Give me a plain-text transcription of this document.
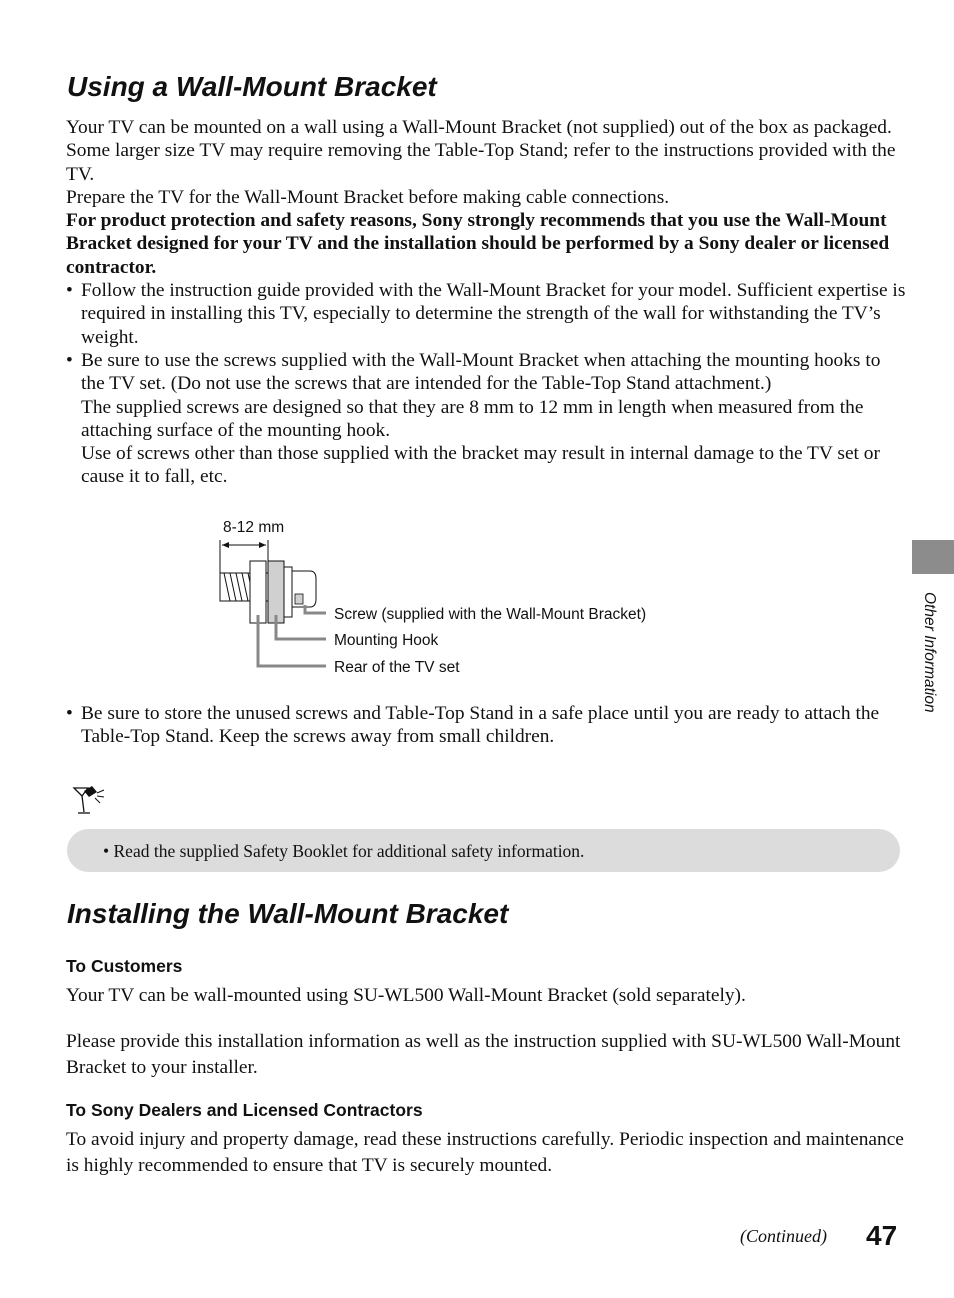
Using a Wall-Mount Bracket

Your TV can be mounted on a wall using a Wall-Mount Bracket (not supplied) out of the box as packaged. Some larger size TV may require removing the Table-Top Stand; refer to the instructions provided with the TV.

Prepare the TV for the Wall-Mount Bracket before making cable connections.

For product protection and safety reasons, Sony strongly recommends that you use the Wall-Mount Bracket designed for your TV and the installation should be performed by a Sony dealer or licensed contractor.

• Follow the instruction guide provided with the Wall-Mount Bracket for your model. Sufficient expertise is required in installing this TV, especially to determine the strength of the wall for withstanding the TV’s weight.

• Be sure to use the screws supplied with the Wall-Mount Bracket when attaching the mounting hooks to the TV set. (Do not use the screws that are intended for the Table-Top Stand attachment.)

The supplied screws are designed so that they are 8 mm to 12 mm in length when measured from the attaching surface of the mounting hook.

Use of screws other than those supplied with the bracket may result in internal damage to the TV set or cause it to fall, etc.

8-12 mm
Screw (supplied with the Wall-Mount Bracket)
Mounting Hook
Rear of the TV set
• Be sure to store the unused screws and Table-Top Stand in a safe place until you are ready to attach the Table-Top Stand. Keep the screws away from small children.

• Read the supplied Safety Booklet for additional safety information.
Installing the Wall-Mount Bracket
To Customers

Your TV can be wall-mounted using SU-WL500 Wall-Mount Bracket (sold separately).

Please provide this installation information as well as the instruction supplied with SU-WL500 Wall-Mount Bracket to your installer.

To Sony Dealers and Licensed Contractors

To avoid injury and property damage, read these instructions carefully. Periodic inspection and maintenance is highly recommended to ensure that TV is securely mounted.

Other Information
(Continued) 47
